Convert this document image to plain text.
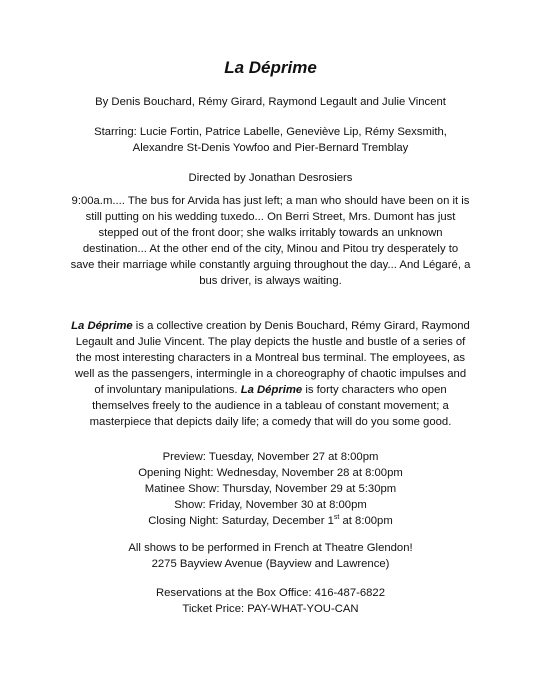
La Déprime
By Denis Bouchard, Rémy Girard, Raymond Legault and Julie Vincent
Starring: Lucie Fortin, Patrice Labelle, Geneviève Lip, Rémy Sexsmith, Alexandre St-Denis Yowfoo and Pier-Bernard Tremblay
Directed by Jonathan Desrosiers
9:00a.m.... The bus for Arvida has just left; a man who should have been on it is still putting on his wedding tuxedo... On Berri Street, Mrs. Dumont has just stepped out of the front door; she walks irritably towards an unknown destination... At the other end of the city, Minou and Pitou try desperately to save their marriage while constantly arguing throughout the day... And Légaré, a bus driver, is always waiting.
La Déprime is a collective creation by Denis Bouchard, Rémy Girard, Raymond Legault and Julie Vincent. The play depicts the hustle and bustle of a series of the most interesting characters in a Montreal bus terminal. The employees, as well as the passengers, intermingle in a choreography of chaotic impulses and of involuntary manipulations. La Déprime is forty characters who open themselves freely to the audience in a tableau of constant movement; a masterpiece that depicts daily life; a comedy that will do you some good.
Preview: Tuesday, November 27 at 8:00pm
Opening Night: Wednesday, November 28 at 8:00pm
Matinee Show: Thursday, November 29 at 5:30pm
Show: Friday, November 30 at 8:00pm
Closing Night: Saturday, December 1st at 8:00pm
All shows to be performed in French at Theatre Glendon!
2275 Bayview Avenue (Bayview and Lawrence)
Reservations at the Box Office: 416-487-6822
Ticket Price: PAY-WHAT-YOU-CAN
